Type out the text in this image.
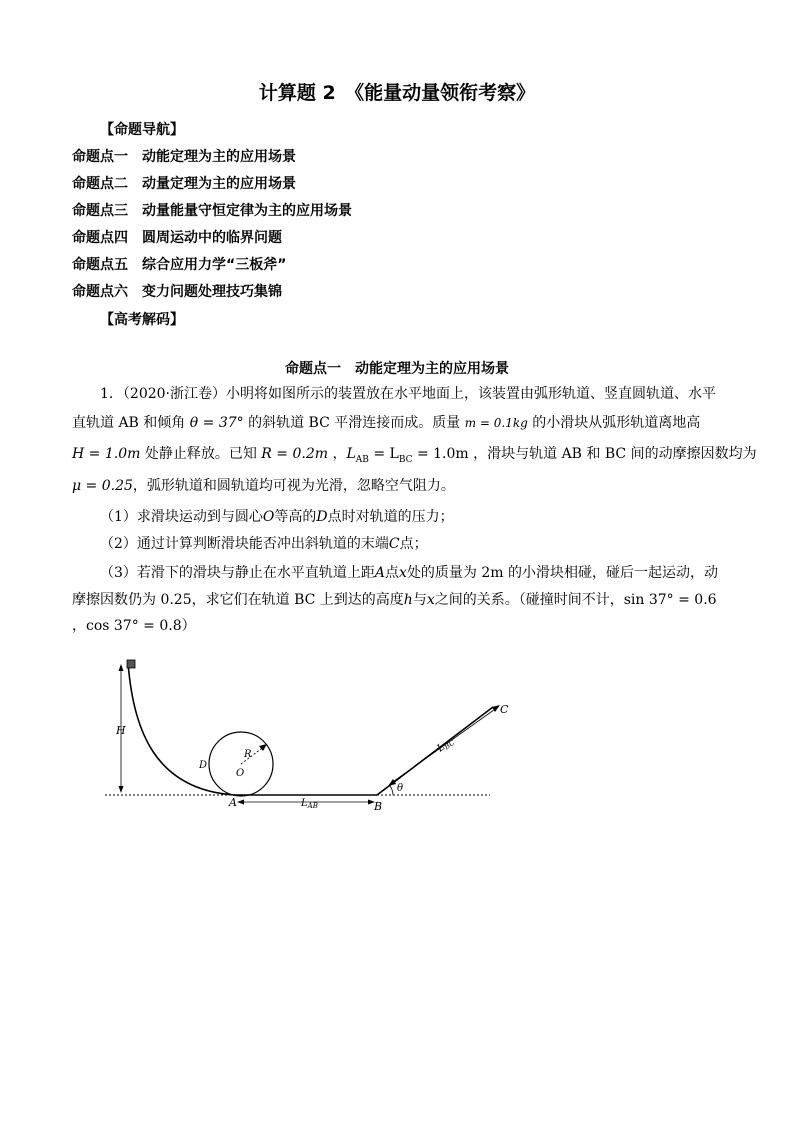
计算题 2　《能量动量领衔考察》
【命题导航】
命题点一 动能定理为主的应用场景
命题点二 动量定理为主的应用场景
命题点三 动量能量守恒定律为主的应用场景
命题点四 圆周运动中的临界问题
命题点五 综合应用力学“三板斧”
命题点六 变力问题处理技巧集锦
【高考解码】
命题点一　动能定理为主的应用场景
1．（2020·浙江卷）小明将如图所示的装置放在水平地面上，该装置由弧形轨道、竖直圆轨道、水平
直轨道 AB 和倾角 θ = 37° 的斜轨道 BC 平滑连接而成。质量 m = 0.1kg 的小滑块从弧形轨道离地高
H = 1.0m 处静止释放。已知 R = 0.2m ，$L_{AB} = L_{BC} = 1.0m$ ，滑块与轨道 AB 和 BC 间的动摩擦因数均为
μ = 0.25，弧形轨道和圆轨道均可视为光滑，忽略空气阻力。
（1）求滑块运动到与圆心O等高的D点时对轨道的压力；
（2）通过计算判断滑块能否冲出斜轨道的末端C点；
（3）若滑下的滑块与静止在水平直轨道上距A点x处的质量为 2m 的小滑块相碰，碰后一起运动，动
摩擦因数仍为 0.25，求它们在轨道 BC 上到达的高度h与x之间的关系。（碰撞时间不计，sin 37° = 0.6
，cos 37° = 0.8）
H
R
O
D
$L_{AB}$
A	B
$L_{BC}$
C
θ
